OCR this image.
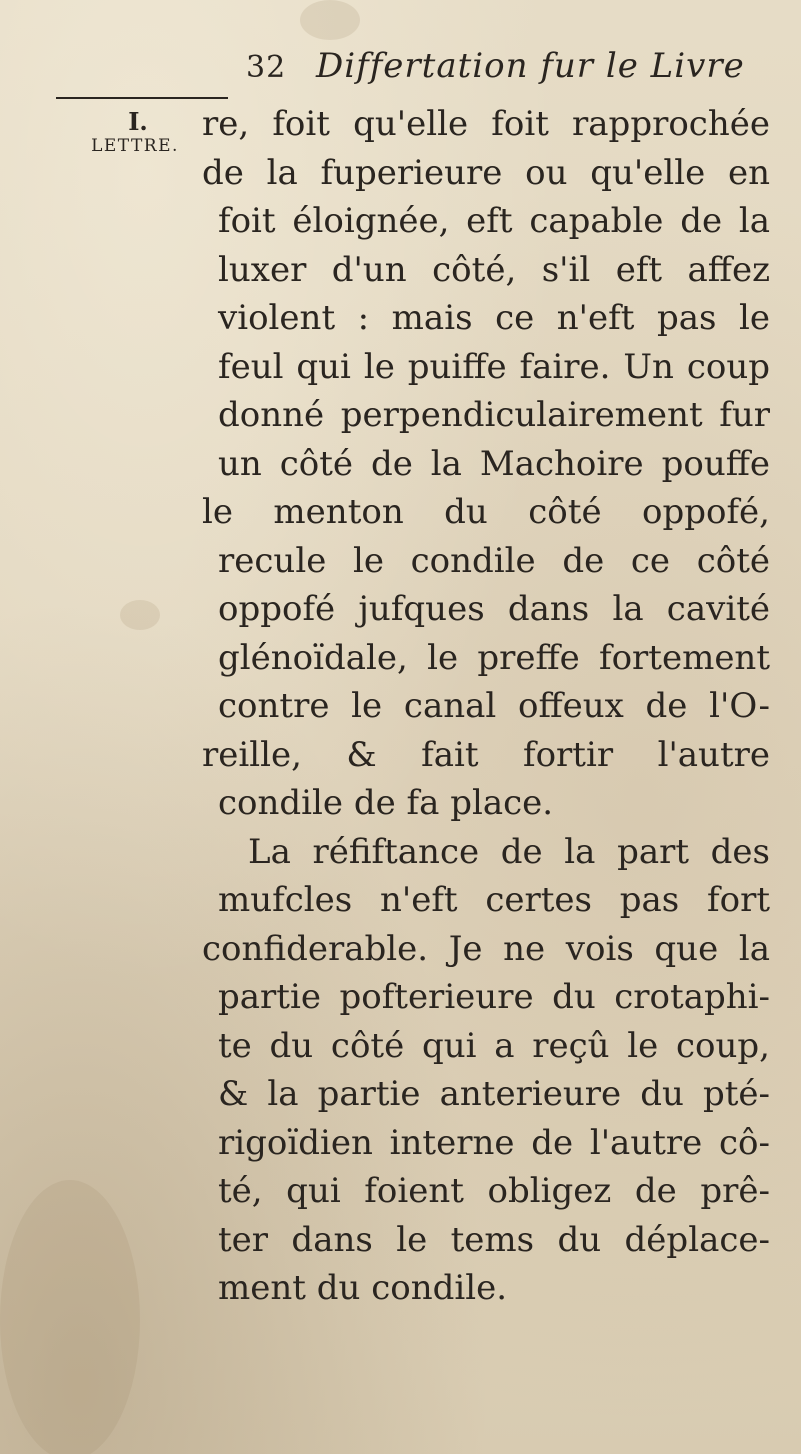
32 Differtation fur le Livre
I.
LETTRE.
re, foit qu'elle foit rapprochée
de la fuperieure ou qu'elle en
foit éloignée, eft capable de la
luxer d'un côté, s'il eft affez
violent : mais ce n'eft pas le
feul qui le puiffe faire. Un coup
donné perpendiculairement fur
un côté de la Machoire pouffe
le menton du côté oppofé,
recule le condile de ce côté
oppofé jufques dans la cavité
glénoïdale, le preffe fortement
contre le canal offeux de l'O-
reille, & fait fortir l'autre
condile de fa place.
La réfiftance de la part des
mufcles n'eft certes pas fort
confiderable. Je ne vois que la
partie pofterieure du crotaphi-
te du côté qui a reçû le coup,
& la partie anterieure du pté-
rigoïdien interne de l'autre cô-
té, qui foient obligez de prê-
ter dans le tems du déplace-
ment du condile.
